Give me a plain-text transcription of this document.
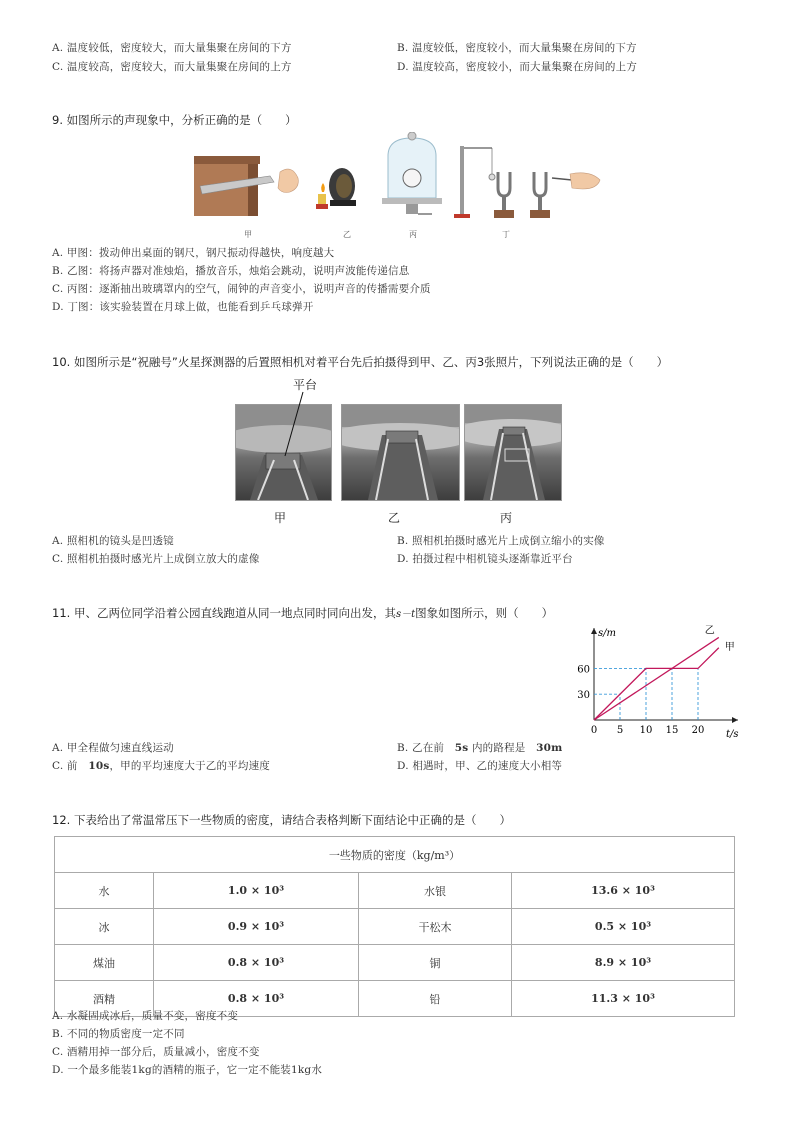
A. 温度较低，密度较大，而大量集聚在房间的下方	B. 温度较低，密度较小，而大量集聚在房间的下方
C. 温度较高，密度较大，而大量集聚在房间的上方	D. 温度较高，密度较小，而大量集聚在房间的上方
9. 如图所示的声现象中，分析正确的是（　　）
甲	乙	丙	丁
A. 甲图：拨动伸出桌面的钢尺，钢尺振动得越快，响度越大
B. 乙图：将扬声器对准烛焰，播放音乐，烛焰会跳动，说明声波能传递信息
C. 丙图：逐渐抽出玻璃罩内的空气，闹钟的声音变小，说明声音的传播需要介质
D. 丁图：该实验装置在月球上做，也能看到乒乓球弹开
10. 如图所示是“祝融号”火星探测器的后置照相机对着平台先后拍摄得到甲、乙、丙3张照片，下列说法正确的是（　　）
平台
甲	乙	丙
A. 照相机的镜头是凹透镜	B. 照相机拍摄时感光片上成倒立缩小的实像
C. 照相机拍摄时感光片上成倒立放大的虚像	D. 拍摄过程中相机镜头逐渐靠近平台
11. 甲、乙两位同学沿着公园直线跑道从同一地点同时同向出发，其s－t图象如图所示，则（　　）
s/m
t/s
0 5 10 15 20
30
60
甲
乙
A. 甲全程做匀速直线运动	B. 乙在前　 5s 内的路程是　 30m
C. 前　 10s，甲的平均速度大于乙的平均速度	D. 相遇时，甲、乙的速度大小相等
12. 下表给出了常温常压下一些物质的密度，请结合表格判断下面结论中正确的是（　　）
一些物质的密度（kg/m³）			
水	1.0 × 10³	水银	13.6 × 10³
冰	0.9 × 10³	干松木	0.5 × 10³
煤油	0.8 × 10³	铜	8.9 × 10³
酒精	0.8 × 10³	铅	11.3 × 10³
A. 水凝固成冰后，质量不变，密度不变
B. 不同的物质密度一定不同
C. 酒精用掉一部分后，质量减小，密度不变
D. 一个最多能装1kg的酒精的瓶子，它一定不能装1kg水
